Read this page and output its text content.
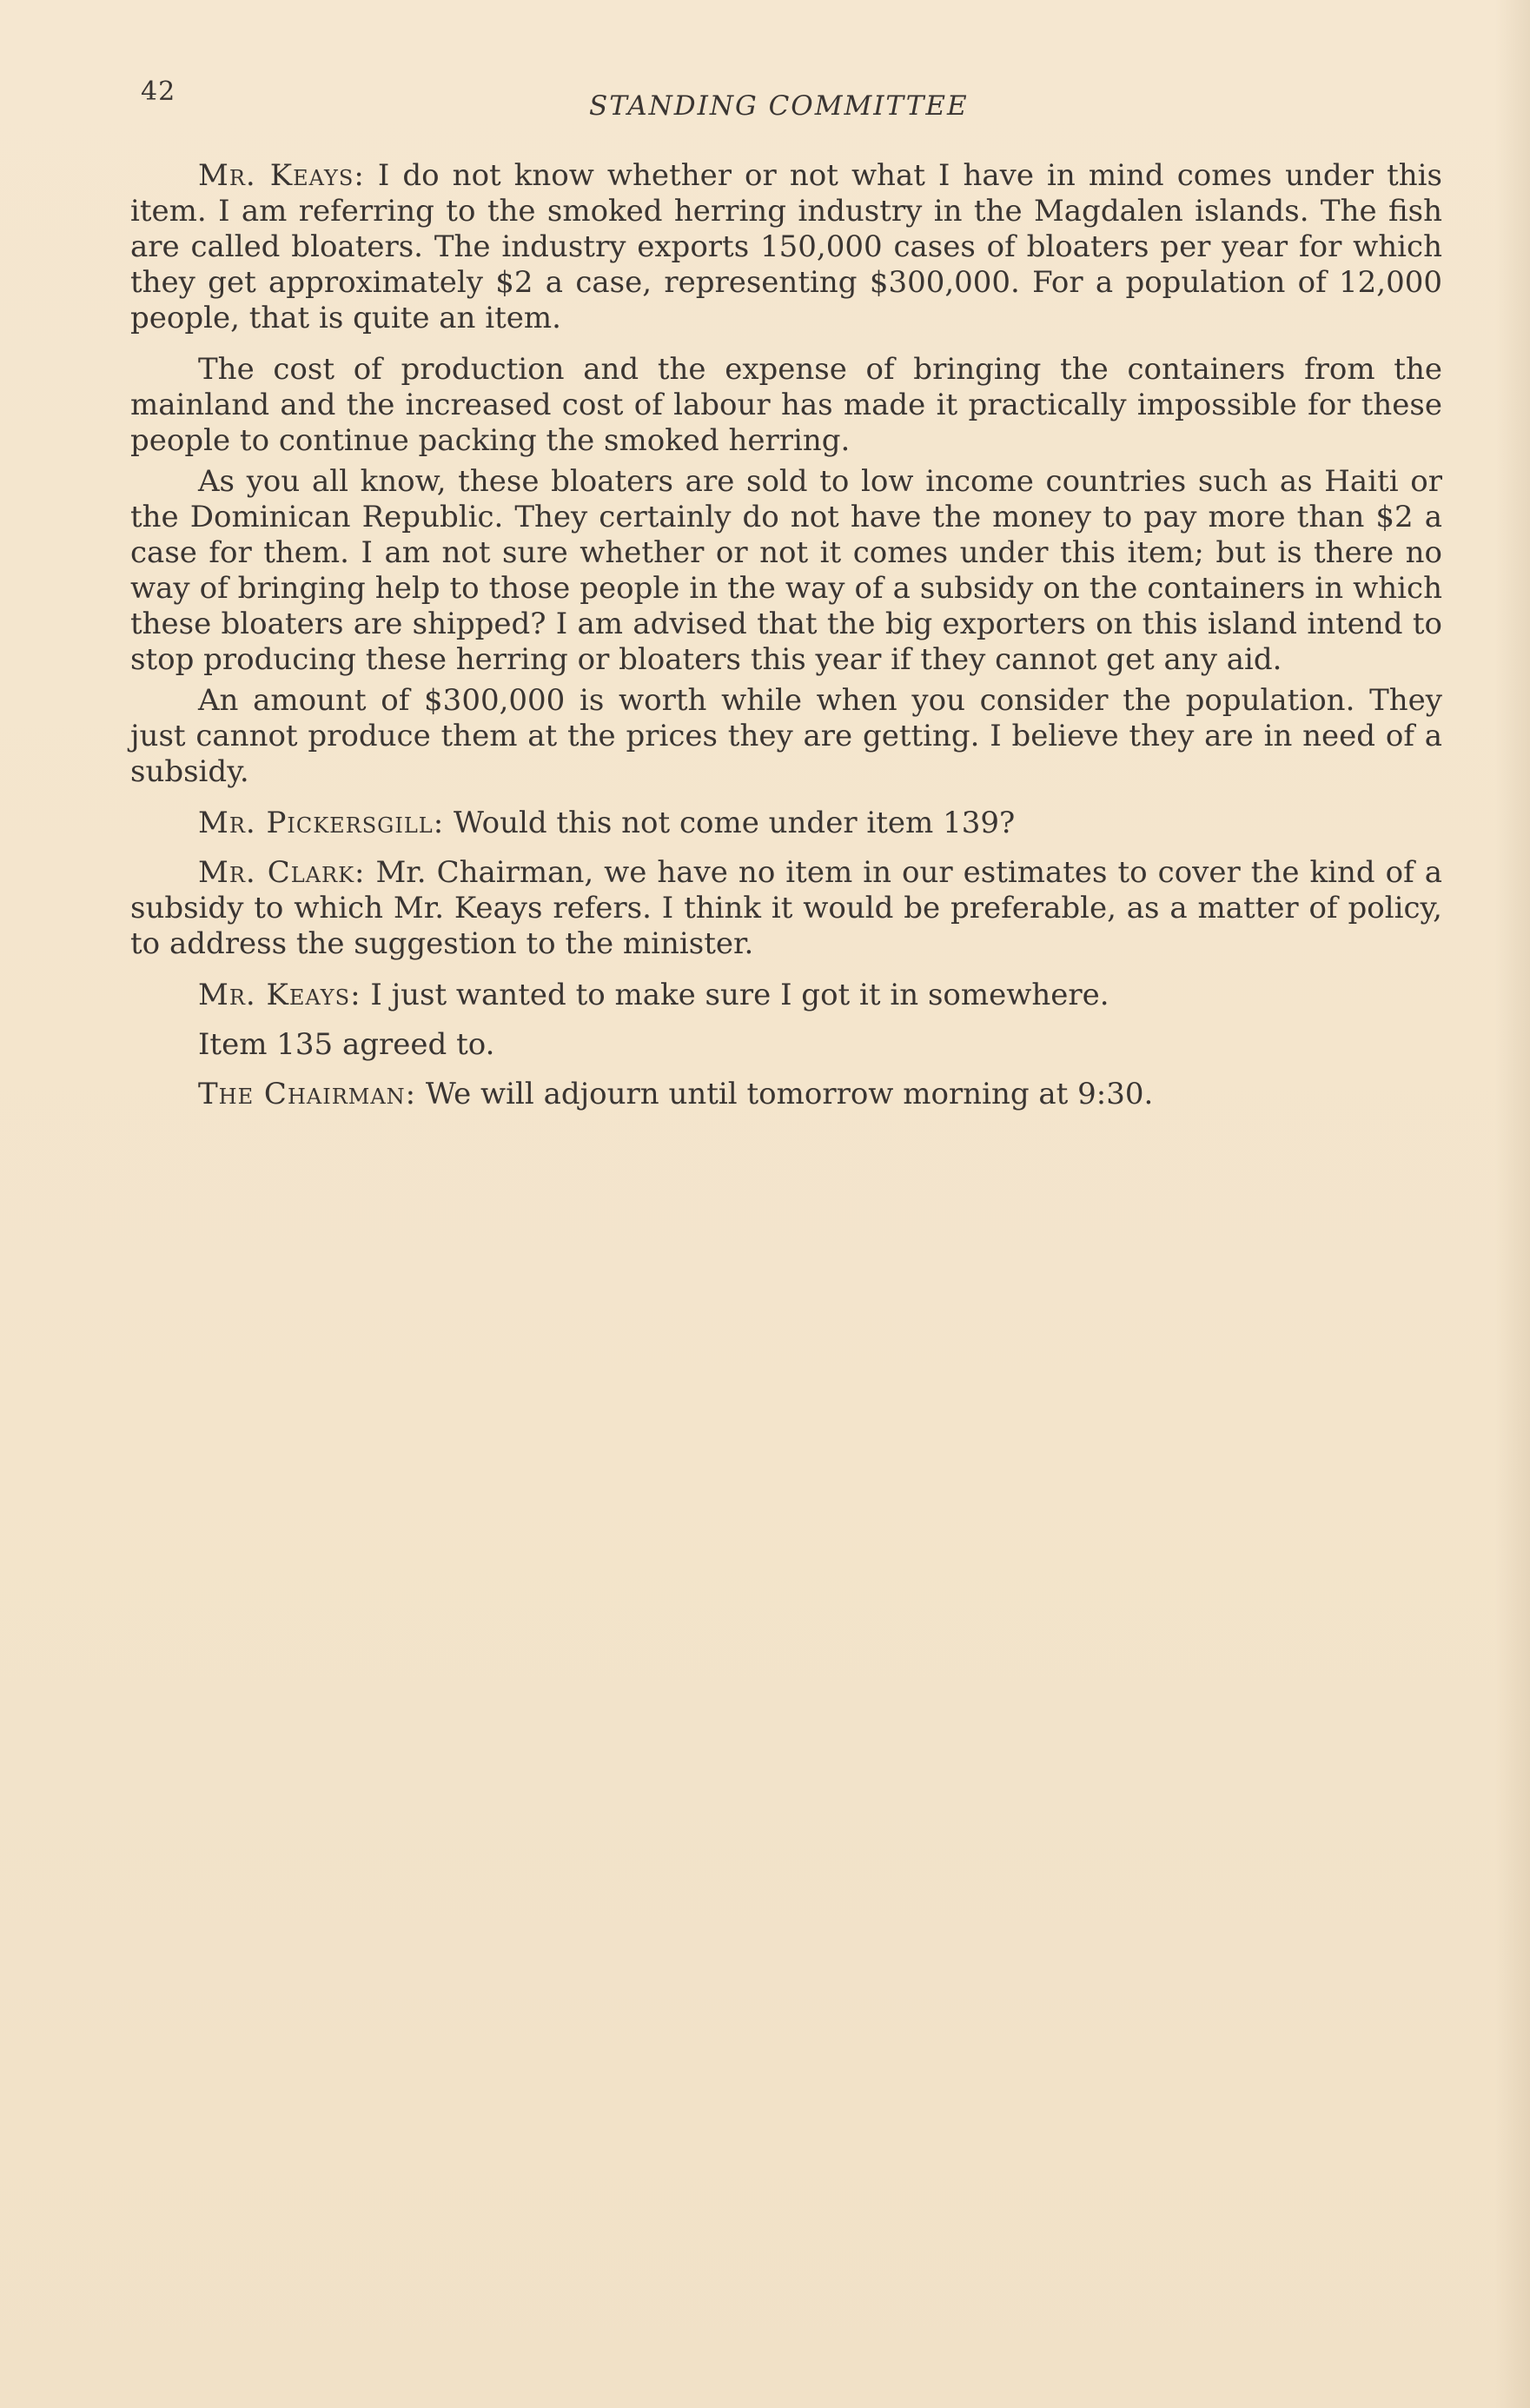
42	STANDING COMMITTEE

Mr. Keays: I do not know whether or not what I have in mind comes under this item. I am referring to the smoked herring industry in the Magdalen islands. The fish are called bloaters. The industry exports 150,000 cases of bloaters per year for which they get approximately $2 a case, representing $300,000. For a population of 12,000 people, that is quite an item.

The cost of production and the expense of bringing the containers from the mainland and the increased cost of labour has made it practically impossible for these people to continue packing the smoked herring.

As you all know, these bloaters are sold to low income countries such as Haiti or the Dominican Republic. They certainly do not have the money to pay more than $2 a case for them. I am not sure whether or not it comes under this item; but is there no way of bringing help to those people in the way of a subsidy on the containers in which these bloaters are shipped? I am advised that the big exporters on this island intend to stop producing these herring or bloaters this year if they cannot get any aid.

An amount of $300,000 is worth while when you consider the population. They just cannot produce them at the prices they are getting. I believe they are in need of a subsidy.

Mr. Pickersgill: Would this not come under item 139?

Mr. Clark: Mr. Chairman, we have no item in our estimates to cover the kind of a subsidy to which Mr. Keays refers. I think it would be preferable, as a matter of policy, to address the suggestion to the minister.

Mr. Keays: I just wanted to make sure I got it in somewhere.

Item 135 agreed to.

The Chairman: We will adjourn until tomorrow morning at 9:30.
